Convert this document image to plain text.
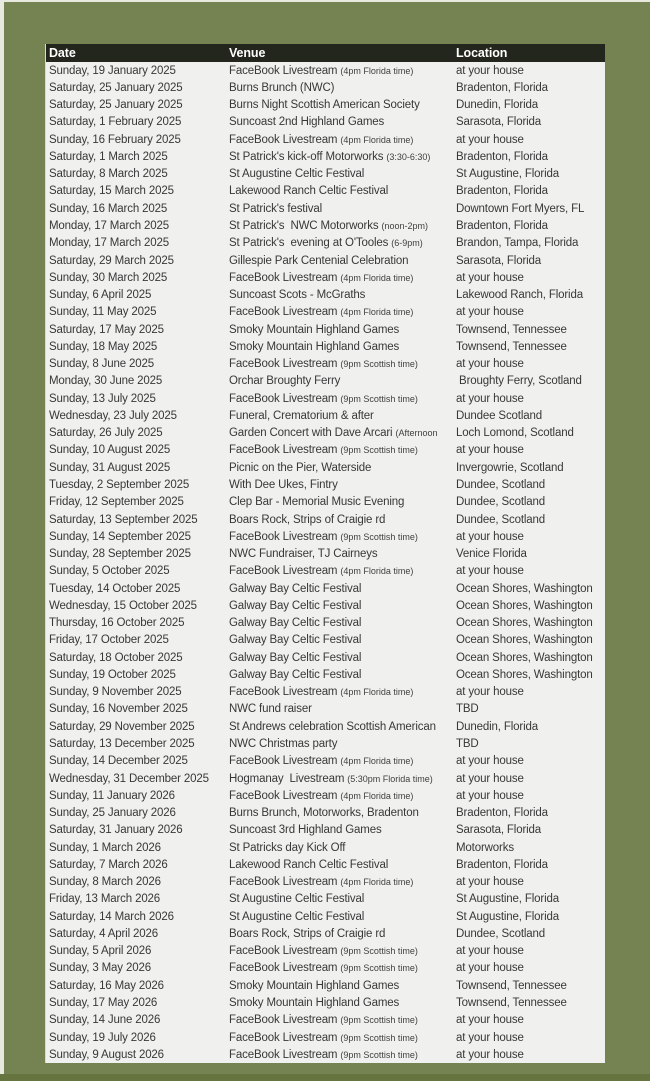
Date	Venue	Location
Sunday, 19 January 2025	FaceBook Livestream (4pm Florida time)	at your house
Saturday, 25 January 2025	Burns Brunch (NWC)	Bradenton, Florida
Saturday, 25 January 2025	Burns Night Scottish American Society	Dunedin, Florida
Saturday, 1 February 2025	Suncoast 2nd Highland Games	Sarasota, Florida
Sunday, 16 February 2025	FaceBook Livestream (4pm Florida time)	at your house
Saturday, 1 March 2025	St Patrick's kick-off Motorworks (3:30-6:30)	Bradenton, Florida
Saturday, 8 March 2025	St Augustine Celtic Festival	St Augustine, Florida
Saturday, 15 March 2025	Lakewood Ranch Celtic Festival	Bradenton, Florida
Sunday, 16 March 2025	St Patrick's festival	Downtown Fort Myers, FL
Monday, 17 March 2025	St Patrick's  NWC Motorworks (noon-2pm)	Bradenton, Florida
Monday, 17 March 2025	St Patrick's  evening at O'Tooles (6-9pm)	Brandon, Tampa, Florida
Saturday, 29 March 2025	Gillespie Park Centenial Celebration	Sarasota, Florida
Sunday, 30 March 2025	FaceBook Livestream (4pm Florida time)	at your house
Sunday, 6 April 2025	Suncoast Scots - McGraths	Lakewood Ranch, Florida
Sunday, 11 May 2025	FaceBook Livestream (4pm Florida time)	at your house
Saturday, 17 May 2025	Smoky Mountain Highland Games	Townsend, Tennessee
Sunday, 18 May 2025	Smoky Mountain Highland Games	Townsend, Tennessee
Sunday, 8 June 2025	FaceBook Livestream (9pm Scottish time)	at your house
Monday, 30 June 2025	Orchar Broughty Ferry	Broughty Ferry, Scotland
Sunday, 13 July 2025	FaceBook Livestream (9pm Scottish time)	at your house
Wednesday, 23 July 2025	Funeral, Crematorium & after	Dundee Scotland
Saturday, 26 July 2025	Garden Concert with Dave Arcari (Afternoon	Loch Lomond, Scotland
Sunday, 10 August 2025	FaceBook Livestream (9pm Scottish time)	at your house
Sunday, 31 August 2025	Picnic on the Pier, Waterside	Invergowrie, Scotland
Tuesday, 2 September 2025	With Dee Ukes, Fintry	Dundee, Scotland
Friday, 12 September 2025	Clep Bar - Memorial Music Evening	Dundee, Scotland
Saturday, 13 September 2025	Boars Rock, Strips of Craigie rd	Dundee, Scotland
Sunday, 14 September 2025	FaceBook Livestream (9pm Scottish time)	at your house
Sunday, 28 September 2025	NWC Fundraiser, TJ Cairneys	Venice Florida
Sunday, 5 October 2025	FaceBook Livestream (4pm Florida time)	at your house
Tuesday, 14 October 2025	Galway Bay Celtic Festival	Ocean Shores, Washington
Wednesday, 15 October 2025	Galway Bay Celtic Festival	Ocean Shores, Washington
Thursday, 16 October 2025	Galway Bay Celtic Festival	Ocean Shores, Washington
Friday, 17 October 2025	Galway Bay Celtic Festival	Ocean Shores, Washington
Saturday, 18 October 2025	Galway Bay Celtic Festival	Ocean Shores, Washington
Sunday, 19 October 2025	Galway Bay Celtic Festival	Ocean Shores, Washington
Sunday, 9 November 2025	FaceBook Livestream (4pm Florida time)	at your house
Sunday, 16 November 2025	NWC fund raiser	TBD
Saturday, 29 November 2025	St Andrews celebration Scottish American	Dunedin, Florida
Saturday, 13 December 2025	NWC Christmas party	TBD
Sunday, 14 December 2025	FaceBook Livestream (4pm Florida time)	at your house
Wednesday, 31 December 2025	Hogmanay  Livestream (5:30pm Florida time)	at your house
Sunday, 11 January 2026	FaceBook Livestream (4pm Florida time)	at your house
Sunday, 25 January 2026	Burns Brunch, Motorworks, Bradenton	Bradenton, Florida
Saturday, 31 January 2026	Suncoast 3rd Highland Games	Sarasota, Florida
Sunday, 1 March 2026	St Patricks day Kick Off	Motorworks
Saturday, 7 March 2026	Lakewood Ranch Celtic Festival	Bradenton, Florida
Sunday, 8 March 2026	FaceBook Livestream (4pm Florida time)	at your house
Friday, 13 March 2026	St Augustine Celtic Festival	St Augustine, Florida
Saturday, 14 March 2026	St Augustine Celtic Festival	St Augustine, Florida
Saturday, 4 April 2026	Boars Rock, Strips of Craigie rd	Dundee, Scotland
Sunday, 5 April 2026	FaceBook Livestream (9pm Scottish time)	at your house
Sunday, 3 May 2026	FaceBook Livestream (9pm Scottish time)	at your house
Saturday, 16 May 2026	Smoky Mountain Highland Games	Townsend, Tennessee
Sunday, 17 May 2026	Smoky Mountain Highland Games	Townsend, Tennessee
Sunday, 14 June 2026	FaceBook Livestream (9pm Scottish time)	at your house
Sunday, 19 July 2026	FaceBook Livestream (9pm Scottish time)	at your house
Sunday, 9 August 2026	FaceBook Livestream (9pm Scottish time)	at your house
